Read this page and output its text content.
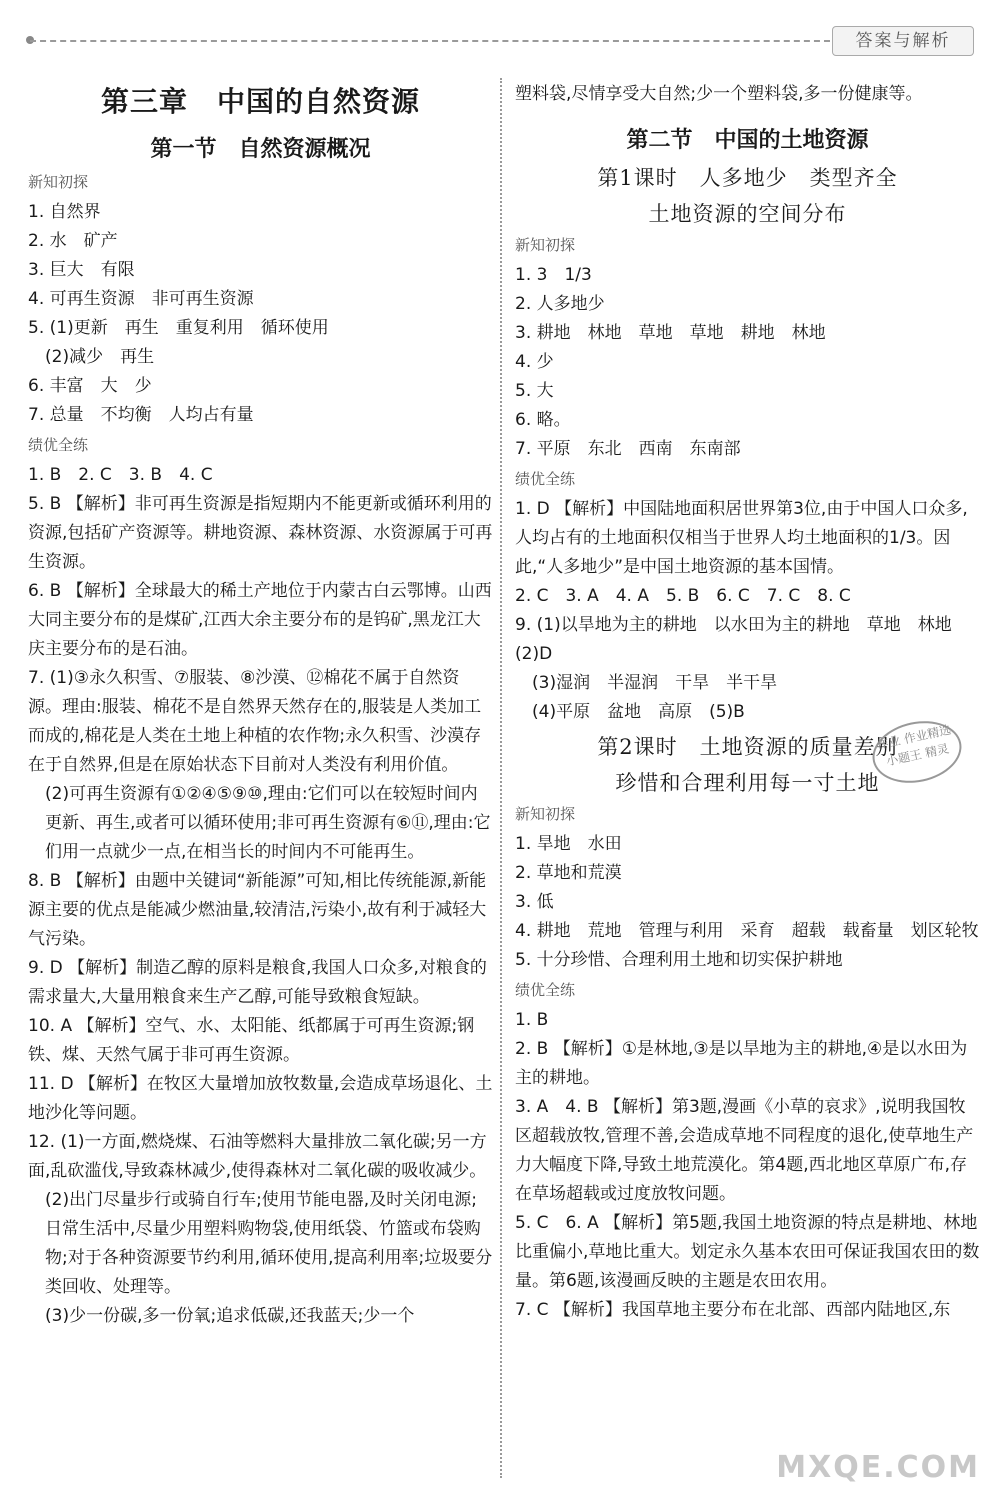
答案与解析
第三章　中国的自然资源
第一节　自然资源概况
新知初探
1. 自然界
2. 水　矿产
3. 巨大　有限
4. 可再生资源　非可再生资源
5. (1)更新　再生　重复利用　循环使用
(2)减少　再生
6. 丰富　大　少
7. 总量　不均衡　人均占有量
绩优全练
1. B　2. C　3. B　4. C
5. B 【解析】非可再生资源是指短期内不能更新或循环利用的资源,包括矿产资源等。耕地资源、森林资源、水资源属于可再生资源。
6. B 【解析】全球最大的稀土产地位于内蒙古白云鄂博。山西大同主要分布的是煤矿,江西大余主要分布的是钨矿,黑龙江大庆主要分布的是石油。
7. (1)③永久积雪、⑦服装、⑧沙漠、⑫棉花不属于自然资源。理由:服装、棉花不是自然界天然存在的,服装是人类加工而成的,棉花是人类在土地上种植的农作物;永久积雪、沙漠存在于自然界,但是在原始状态下目前对人类没有利用价值。
(2)可再生资源有①②④⑤⑨⑩,理由:它们可以在较短时间内更新、再生,或者可以循环使用;非可再生资源有⑥⑪,理由:它们用一点就少一点,在相当长的时间内不可能再生。
8. B 【解析】由题中关键词“新能源”可知,相比传统能源,新能源主要的优点是能减少燃油量,较清洁,污染小,故有利于减轻大气污染。
9. D 【解析】制造乙醇的原料是粮食,我国人口众多,对粮食的需求量大,大量用粮食来生产乙醇,可能导致粮食短缺。
10. A 【解析】空气、水、太阳能、纸都属于可再生资源;钢铁、煤、天然气属于非可再生资源。
11. D 【解析】在牧区大量增加放牧数量,会造成草场退化、土地沙化等问题。
12. (1)一方面,燃烧煤、石油等燃料大量排放二氧化碳;另一方面,乱砍滥伐,导致森林减少,使得森林对二氧化碳的吸收减少。
(2)出门尽量步行或骑自行车;使用节能电器,及时关闭电源;日常生活中,尽量少用塑料购物袋,使用纸袋、竹篮或布袋购物;对于各种资源要节约利用,循环使用,提高利用率;垃圾要分类回收、处理等。
(3)少一份碳,多一份氧;追求低碳,还我蓝天;少一个
塑料袋,尽情享受大自然;少一个塑料袋,多一份健康等。
第二节　中国的土地资源
第1课时　人多地少　类型齐全
土地资源的空间分布
新知初探
1. 3　1/3
2. 人多地少
3. 耕地　林地　草地　草地　耕地　林地
4. 少
5. 大
6. 略。
7. 平原　东北　西南　东南部
绩优全练
1. D 【解析】中国陆地面积居世界第3位,由于中国人口众多,人均占有的土地面积仅相当于世界人均土地面积的1/3。因此,“人多地少”是中国土地资源的基本国情。
2. C　3. A　4. A　5. B　6. C　7. C　8. C
9. (1)以旱地为主的耕地　以水田为主的耕地　草地　林地　(2)D
(3)湿润　半湿润　干旱　半干旱
(4)平原　盆地　高原　(5)B
第2课时　土地资源的质量差别
珍惜和合理利用每一寸土地
新知初探
1. 旱地　水田
2. 草地和荒漠
3. 低
4. 耕地　荒地　管理与利用　采育　超载　载畜量　划区轮牧
5. 十分珍惜、合理利用土地和切实保护耕地
绩优全练
1. B
2. B 【解析】①是林地,③是以旱地为主的耕地,④是以水田为主的耕地。
3. A　4. B 【解析】第3题,漫画《小草的哀求》,说明我国牧区超载放牧,管理不善,会造成草地不同程度的退化,使草地生产力大幅度下降,导致土地荒漠化。第4题,西北地区草原广布,存在草场超载或过度放牧问题。
5. C　6. A 【解析】第5题,我国土地资源的特点是耕地、林地比重偏小,草地比重大。划定永久基本农田可保证我国农田的数量。第6题,该漫画反映的主题是农田农用。
7. C 【解析】我国草地主要分布在北部、西部内陆地区,东
作业 作业精选小题王 精灵
MXQE.COM
